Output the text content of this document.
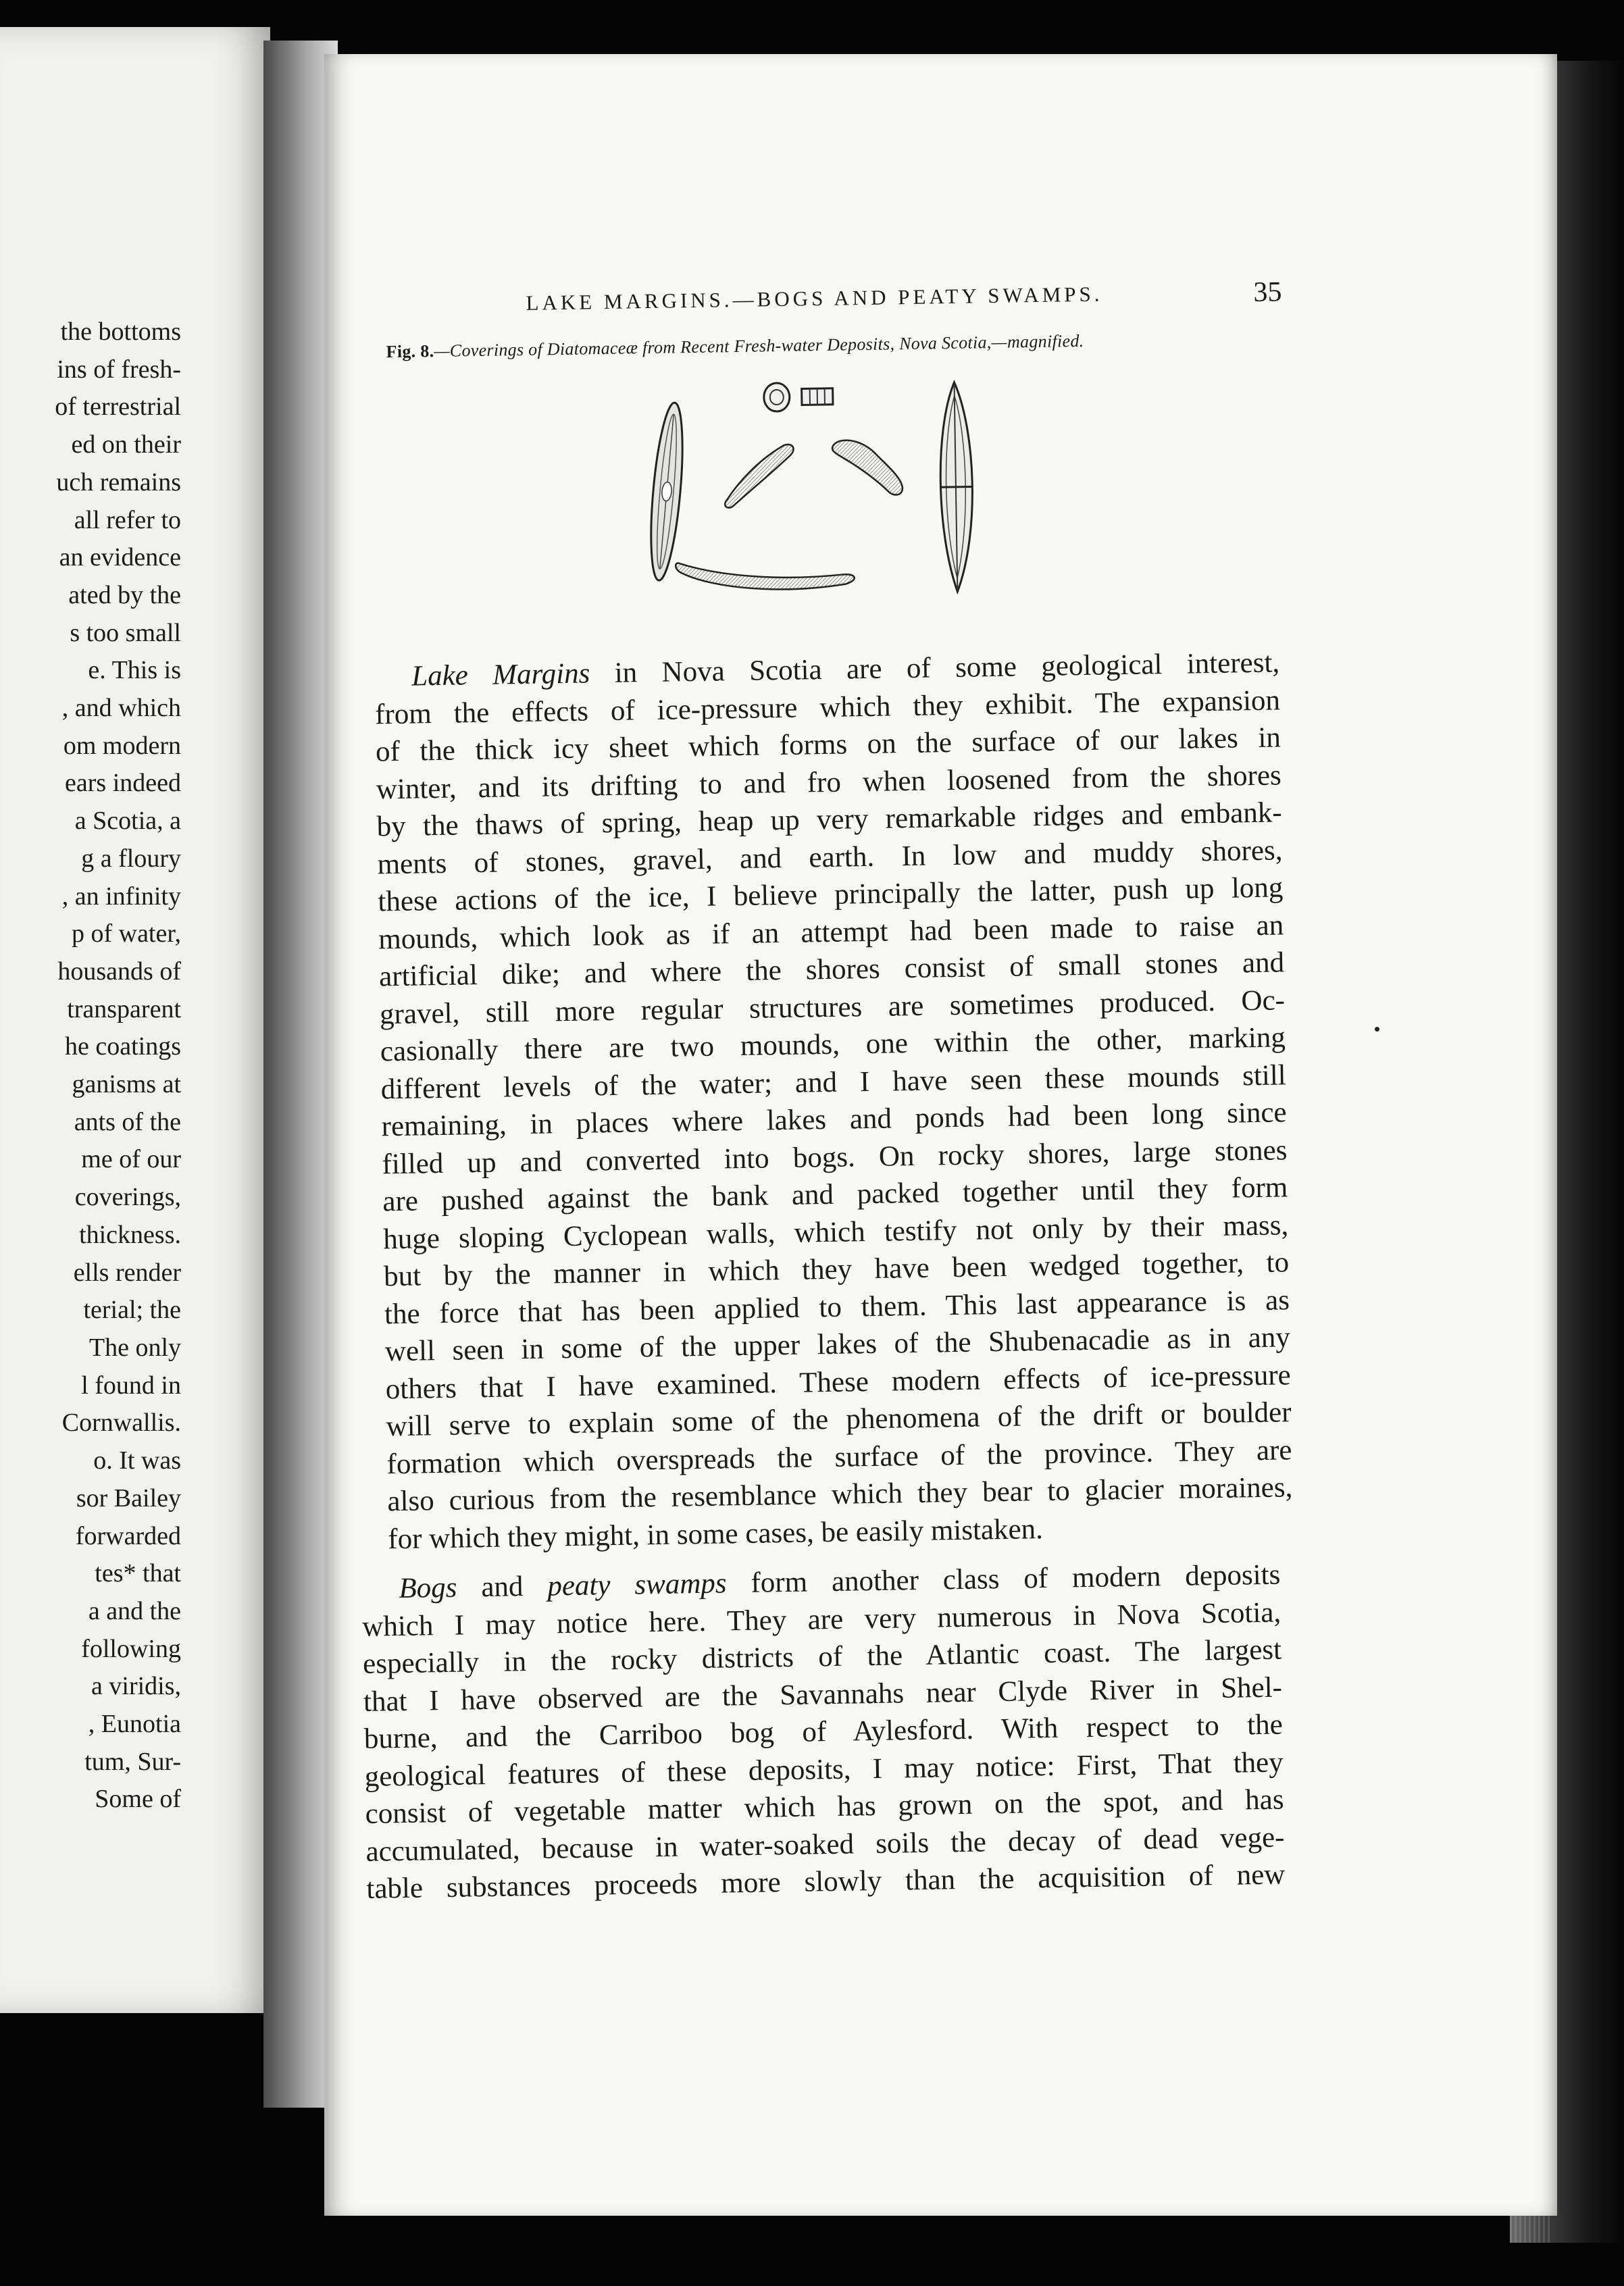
the bottoms
ins of fresh-
of terrestrial
ed on their
uch remains
all refer to
an evidence
ated by the
s too small
e. This is
, and which
om modern
ears indeed
a Scotia, a
g a floury
, an infinity
p of water,
housands of
transparent
he coatings
ganisms at
ants of the
me of our
coverings,
thickness.
ells render
terial; the
The only
l found in
Cornwallis.
o. It was
sor Bailey
forwarded
tes* that
a and the
following
a viridis,
, Eunotia
tum, Sur-
Some of
LAKE MARGINS.—BOGS AND PEATY SWAMPS.	35
Fig. 8.—Coverings of Diatomaceæ from Recent Fresh-water Deposits, Nova Scotia,—magnified.
Lake Margins in Nova Scotia are of some geological interest,
from the effects of ice-pressure which they exhibit. The expansion
of the thick icy sheet which forms on the surface of our lakes in
winter, and its drifting to and fro when loosened from the shores
by the thaws of spring, heap up very remarkable ridges and embank-
ments of stones, gravel, and earth. In low and muddy shores,
these actions of the ice, I believe principally the latter, push up long
mounds, which look as if an attempt had been made to raise an
artificial dike; and where the shores consist of small stones and
gravel, still more regular structures are sometimes produced. Oc-
casionally there are two mounds, one within the other, marking
different levels of the water; and I have seen these mounds still
remaining, in places where lakes and ponds had been long since
filled up and converted into bogs. On rocky shores, large stones
are pushed against the bank and packed together until they form
huge sloping Cyclopean walls, which testify not only by their mass,
but by the manner in which they have been wedged together, to
the force that has been applied to them. This last appearance is as
well seen in some of the upper lakes of the Shubenacadie as in any
others that I have examined. These modern effects of ice-pressure
will serve to explain some of the phenomena of the drift or boulder
formation which overspreads the surface of the province. They are
also curious from the resemblance which they bear to glacier moraines,
for which they might, in some cases, be easily mistaken.
Bogs and peaty swamps form another class of modern deposits
which I may notice here. They are very numerous in Nova Scotia,
especially in the rocky districts of the Atlantic coast. The largest
that I have observed are the Savannahs near Clyde River in Shel-
burne, and the Carriboo bog of Aylesford. With respect to the
geological features of these deposits, I may notice: First, That they
consist of vegetable matter which has grown on the spot, and has
accumulated, because in water-soaked soils the decay of dead vege-
table substances proceeds more slowly than the acquisition of new
